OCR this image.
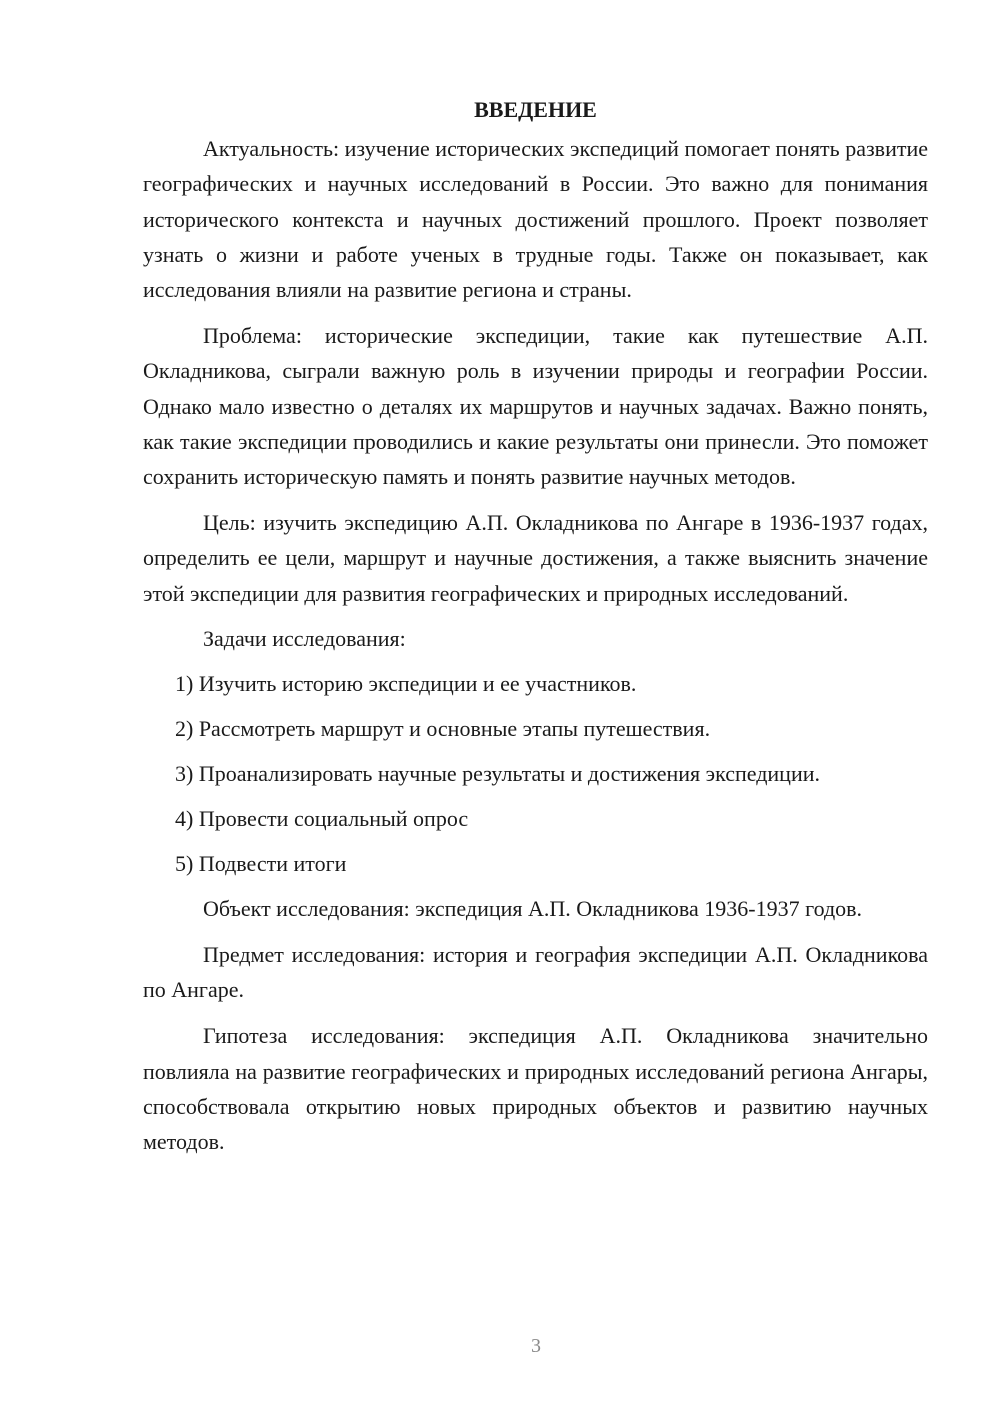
ВВЕДЕНИЕ

Актуальность: изучение исторических экспедиций помогает понять развитие географических и научных исследований в России. Это важно для понимания исторического контекста и научных достижений прошлого. Проект позволяет узнать о жизни и работе ученых в трудные годы. Также он показывает, как исследования влияли на развитие региона и страны.

Проблема: исторические экспедиции, такие как путешествие А.П. Окладникова, сыграли важную роль в изучении природы и географии России. Однако мало известно о деталях их маршрутов и научных задачах. Важно понять, как такие экспедиции проводились и какие результаты они принесли. Это поможет сохранить историческую память и понять развитие научных методов.

Цель: изучить экспедицию А.П. Окладникова по Ангаре в 1936-1937 годах, определить ее цели, маршрут и научные достижения, а также выяснить значение этой экспедиции для развития географических и природных исследований.

Задачи исследования:

1) Изучить историю экспедиции и ее участников.
2) Рассмотреть маршрут и основные этапы путешествия.
3) Проанализировать научные результаты и достижения экспедиции.
4) Провести социальный опрос
5) Подвести итоги

Объект исследования: экспедиция А.П. Окладникова 1936-1937 годов.

Предмет исследования: история и география экспедиции А.П. Окладникова по Ангаре.

Гипотеза исследования: экспедиция А.П. Окладникова значительно повлияла на развитие географических и природных исследований региона Ангары, способствовала открытию новых природных объектов и развитию научных методов.

3
